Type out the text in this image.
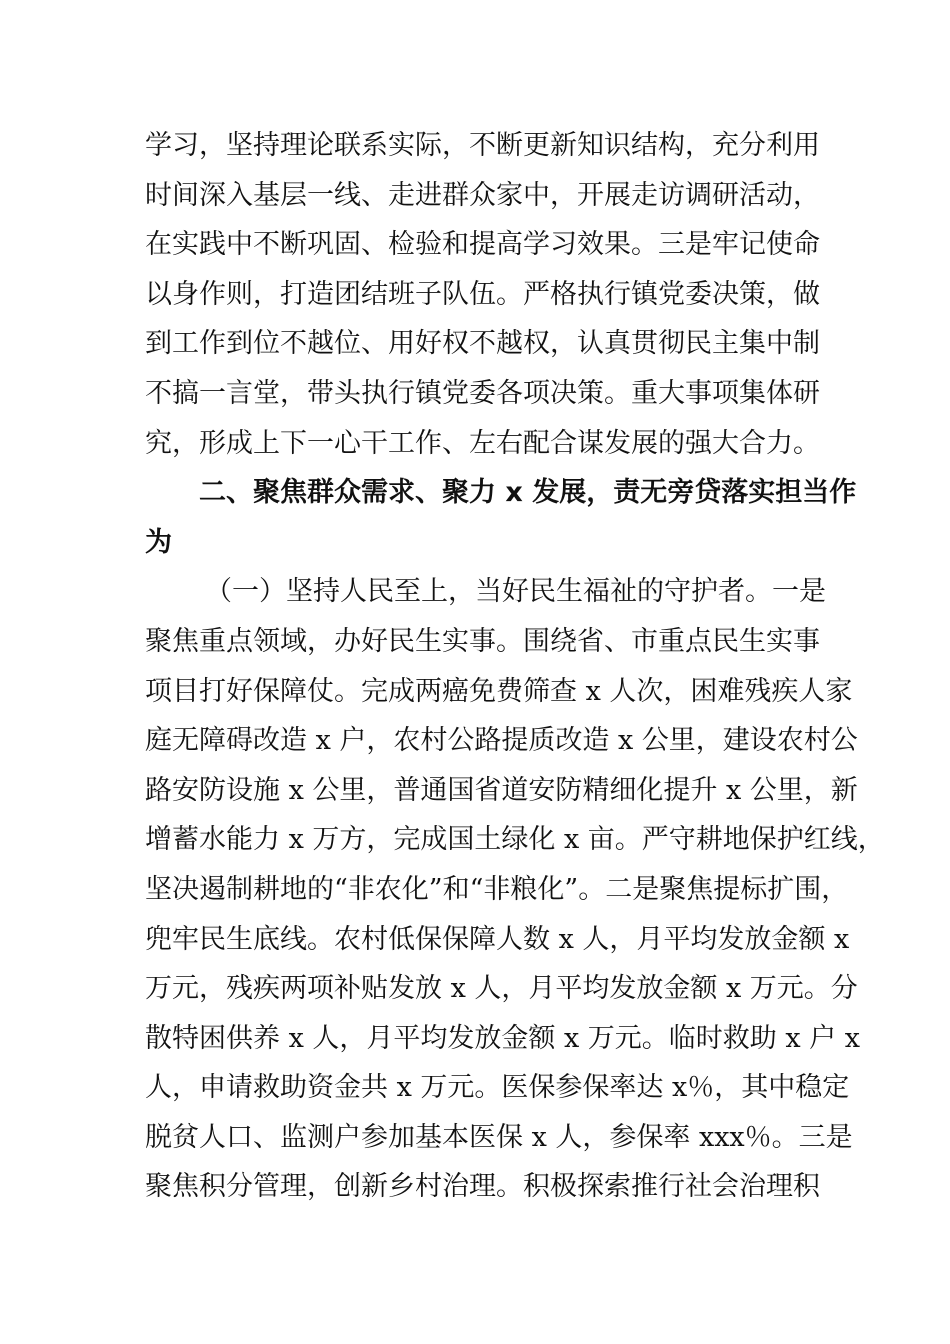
学习，坚持理论联系实际，不断更新知识结构，充分利用
时间深入基层一线、走进群众家中，开展走访调研活动，
在实践中不断巩固、检验和提高学习效果。三是牢记使命
以身作则，打造团结班子队伍。严格执行镇党委决策，做
到工作到位不越位、用好权不越权，认真贯彻民主集中制
不搞一言堂，带头执行镇党委各项决策。重大事项集体研
究，形成上下一心干工作、左右配合谋发展的强大合力。
二、聚焦群众需求、聚力 x 发展，责无旁贷落实担当作
为
（一）坚持人民至上，当好民生福祉的守护者。一是
聚焦重点领域，办好民生实事。围绕省、市重点民生实事
项目打好保障仗。完成两癌免费筛查 x 人次，困难残疾人家
庭无障碍改造 x 户，农村公路提质改造 x 公里，建设农村公
路安防设施 x 公里，普通国省道安防精细化提升 x 公里，新
增蓄水能力 x 万方，完成国土绿化 x 亩。严守耕地保护红线，
坚决遏制耕地的“非农化”和“非粮化”。二是聚焦提标扩围，
兜牢民生底线。农村低保保障人数 x 人，月平均发放金额 x
万元，残疾两项补贴发放 x 人，月平均发放金额 x 万元。分
散特困供养 x 人，月平均发放金额 x 万元。临时救助 x 户 x
人，申请救助资金共 x 万元。医保参保率达 x％，其中稳定
脱贫人口、监测户参加基本医保 x 人，参保率 xxx％。三是
聚焦积分管理，创新乡村治理。积极探索推行社会治理积
